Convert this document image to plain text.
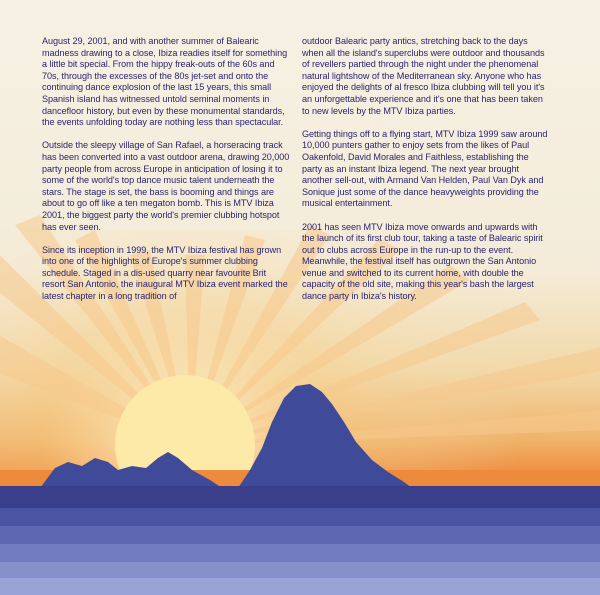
August 29, 2001, and with another summer of Balearic madness drawing to a close, Ibiza readies itself for something a little bit special. From the hippy freak-outs of the 60s and 70s, through the excesses of the 80s jet-set and onto the continuing dance explosion of the last 15 years, this small Spanish island has witnessed untold seminal moments in dancefloor history, but even by these monumental standards, the events unfolding today are nothing less than spectacular.

Outside the sleepy village of San Rafael, a horseracing track has been converted into a vast outdoor arena, drawing 20,000 party people from across Europe in anticipation of losing it to some of the world's top dance music talent underneath the stars. The stage is set, the bass is booming and things are about to go off like a ten megaton bomb. This is MTV Ibiza 2001, the biggest party the world's premier clubbing hotspot has ever seen.

Since its inception in 1999, the MTV Ibiza festival has grown into one of the highlights of Europe's summer clubbing schedule. Staged in a dis-used quarry near favourite Brit resort San Antonio, the inaugural MTV Ibiza event marked the latest chapter in a long tradition of

outdoor Balearic party antics, stretching back to the days when all the island's superclubs were outdoor and thousands of revellers partied through the night under the phenomenal natural lightshow of the Mediterranean sky. Anyone who has enjoyed the delights of al fresco Ibiza clubbing will tell you it's an unforgettable experience and it's one that has been taken to new levels by the MTV Ibiza parties.

Getting things off to a flying start, MTV Ibiza 1999 saw around 10,000 punters gather to enjoy sets from the likes of Paul Oakenfold, David Morales and Faithless, establishing the party as an instant Ibiza legend. The next year brought another sell-out, with Armand Van Helden, Paul Van Dyk and Sonique just some of the dance heavyweights providing the musical entertainment.

2001 has seen MTV Ibiza move onwards and upwards with the launch of its first club tour, taking a taste of Balearic spirit out to clubs across Europe in the run-up to the event. Meanwhile, the festival itself has outgrown the San Antonio venue and switched to its current home, with double the capacity of the old site, making this year's bash the largest dance party in Ibiza's history.
